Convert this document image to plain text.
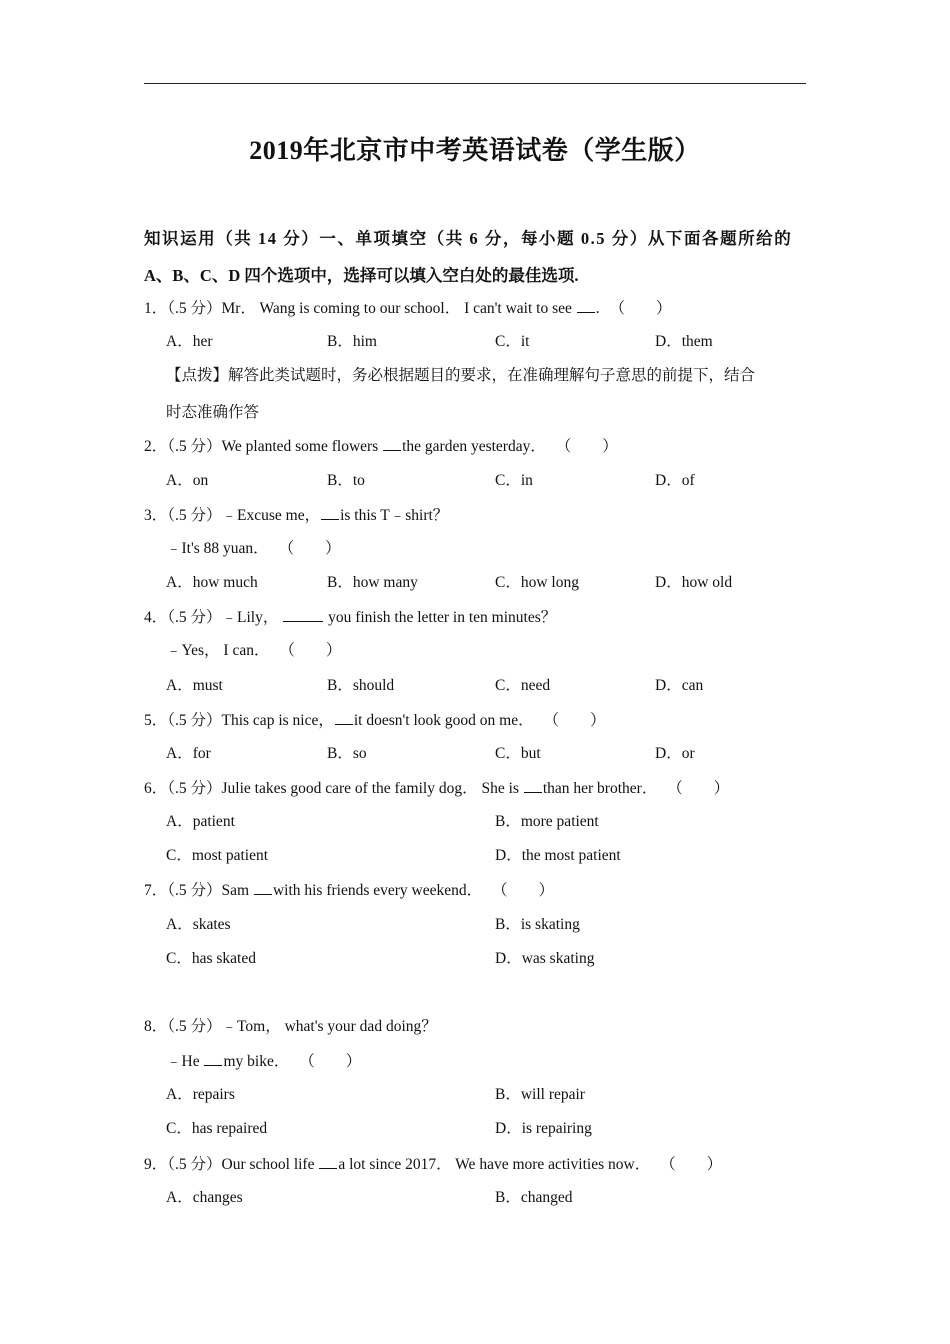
2019年北京市中考英语试卷（学生版）
知识运用（共 14 分）一、单项填空（共 6 分，每小题 0.5 分）从下面各题所给的
A、B、C、D 四个选项中，选择可以填入空白处的最佳选项.
1．（.5 分）Mr． Wang is coming to our school． I can't wait to see . （　　）
A．her	B．him	C．it	D．them
【点拨】解答此类试题时，务必根据题目的要求，在准确理解句子意思的前提下，结合
时态准确作答
2．（.5 分）We planted some flowers the garden yesterday． （　　）
A．on	B．to	C．in	D．of
3．（.5 分）﹣Excuse me， is this T﹣shirt？
﹣It's 88 yuan． （　　）
A．how much	B．how many	C．how long	D．how old
4．（.5 分）﹣Lily，	you finish the letter in ten minutes？
﹣Yes， I can． （　　）
A．must	B．should	C．need	D．can
5．（.5 分）This cap is nice， it doesn't look good on me． （　　）
A．for	B．so	C．but	D．or
6．（.5 分）Julie takes good care of the family dog． She is than her brother． （　　）
A．patient	B．more patient
C．most patient	D．the most patient
7．（.5 分）Sam with his friends every weekend． （　　）
A．skates	B．is skating
C．has skated	D．was skating
8．（.5 分）﹣Tom， what's your dad doing？
﹣He my bike． （　　）
A．repairs	B．will repair
C．has repaired	D．is repairing
9．（.5 分）Our school life a lot since 2017． We have more activities now． （　　）
A．changes	B．changed
